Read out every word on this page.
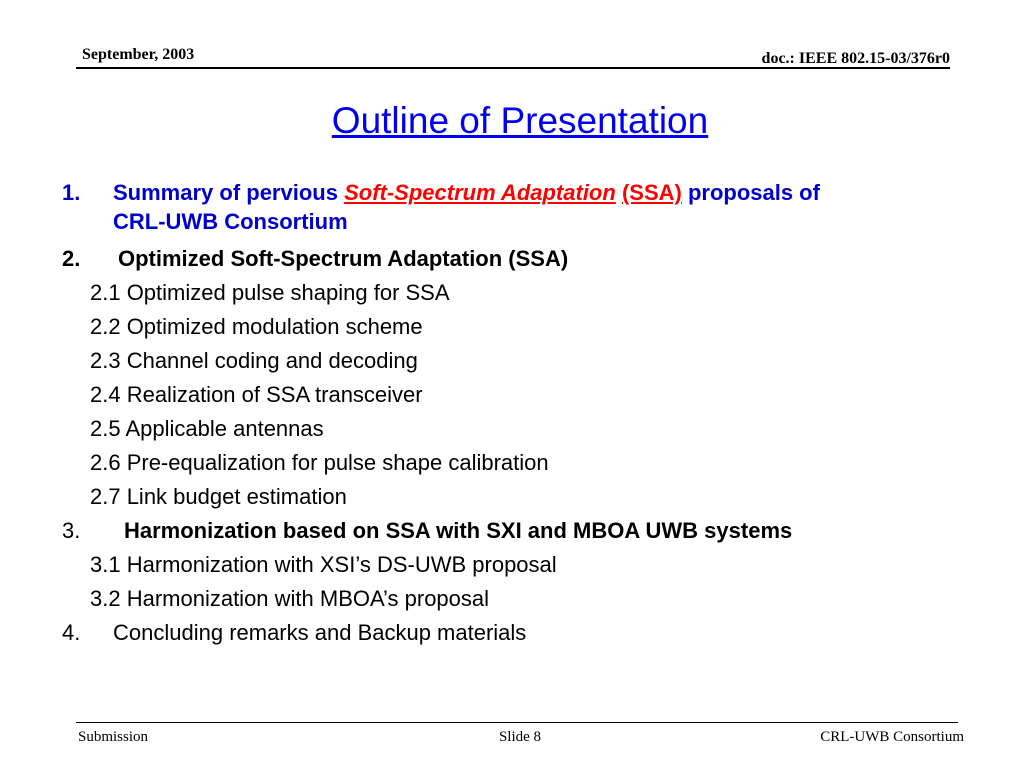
September, 2003	doc.: IEEE 802.15-03/376r0
Outline of Presentation
1. Summary of pervious Soft-Spectrum Adaptation (SSA) proposals of
CRL-UWB Consortium
2. Optimized Soft-Spectrum Adaptation (SSA)
2.1 Optimized pulse shaping for SSA
2.2 Optimized modulation scheme
2.3 Channel coding and decoding
2.4 Realization of SSA transceiver
2.5 Applicable antennas
2.6 Pre-equalization for pulse shape calibration
2.7 Link budget estimation
3. Harmonization based on SSA with SXI and MBOA UWB systems
3.1 Harmonization with XSI’s DS-UWB proposal
3.2 Harmonization with MBOA’s proposal
4. Concluding remarks and Backup materials
Submission	Slide 8	CRL-UWB Consortium
